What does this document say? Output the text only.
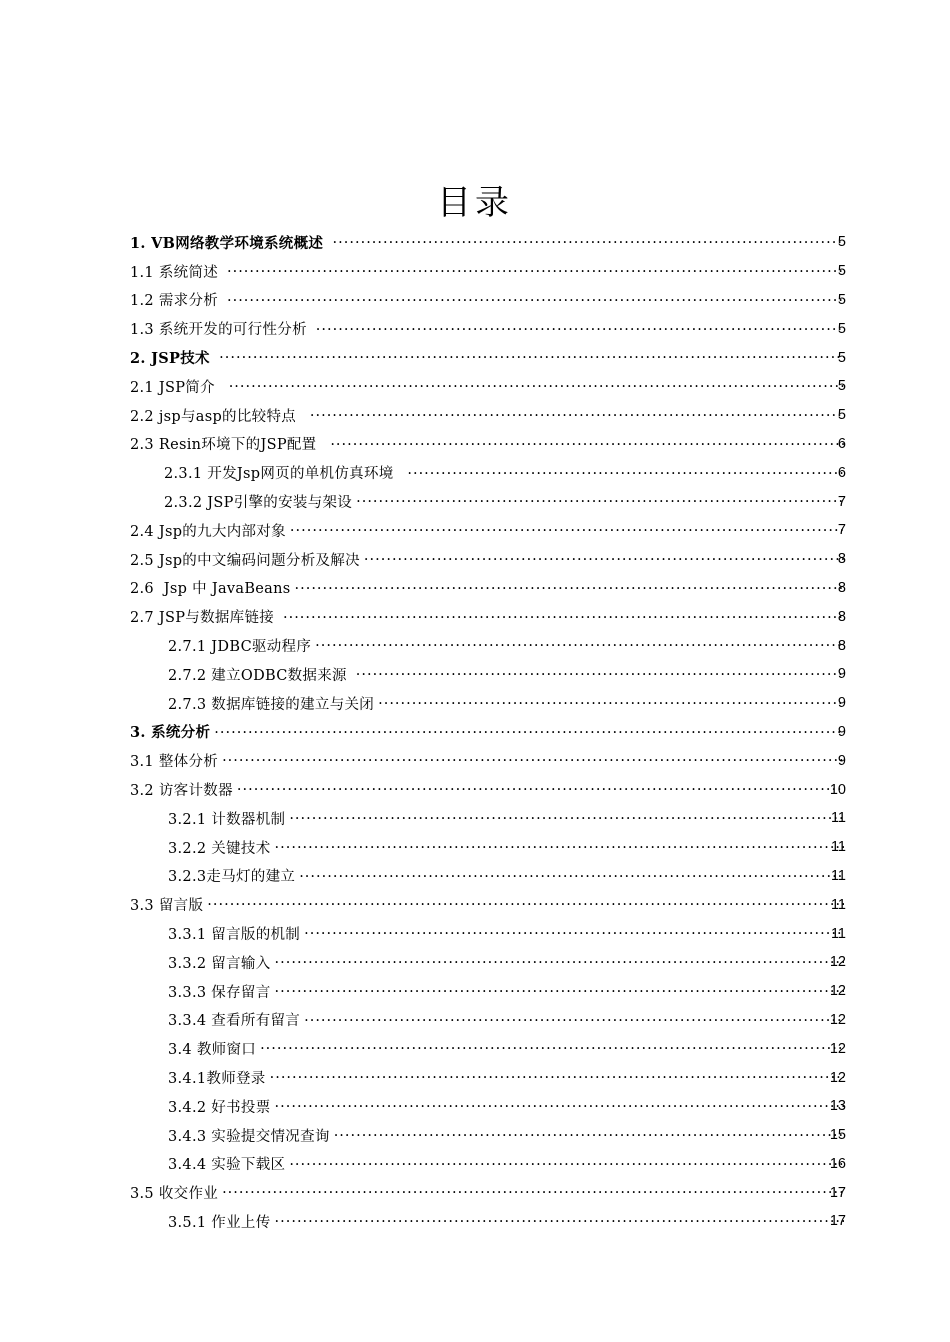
目录
1. VB网络教学环境系统概述 ·····	5
1.1 系统简述 ·····	5
1.2 需求分析 ·····	5
1.3 系统开发的可行性分析 ·····	5
2. JSP技术 ·····	5
2.1 JSP简介 ·····	5
2.2 jsp与asp的比较特点 ·····	5
2.3 Resin环境下的JSP配置 ·····	6
2.3.1 开发Jsp网页的单机仿真环境 ·····	6
2.3.2 JSP引擎的安装与架设 ·····	7
2.4 Jsp的九大内部对象 ·····	7
2.5 Jsp的中文编码问题分析及解决 ·····	8
2.6  Jsp 中 JavaBeans ·····	8
2.7 JSP与数据库链接 ·····	8
2.7.1 JDBC驱动程序 ·····	8
2.7.2 建立ODBC数据来源 ·····	9
2.7.3 数据库链接的建立与关闭 ·····	9
3. 系统分析 ·····	9
3.1 整体分析 ·····	9
3.2 访客计数器 ·····	10
3.2.1 计数器机制 ·····	11
3.2.2 关键技术 ·····	11
3.2.3走马灯的建立 ·····	11
3.3 留言版 ·····	11
3.3.1 留言版的机制 ·····	11
3.3.2 留言输入 ·····	12
3.3.3 保存留言 ·····	12
3.3.4 查看所有留言 ·····	12
3.4 教师窗口 ·····	12
3.4.1教师登录 ·····	12
3.4.2 好书投票 ·····	13
3.4.3 实验提交情况查询 ·····	15
3.4.4 实验下载区 ·····	16
3.5 收交作业 ·····	17
3.5.1 作业上传 ·····	17
